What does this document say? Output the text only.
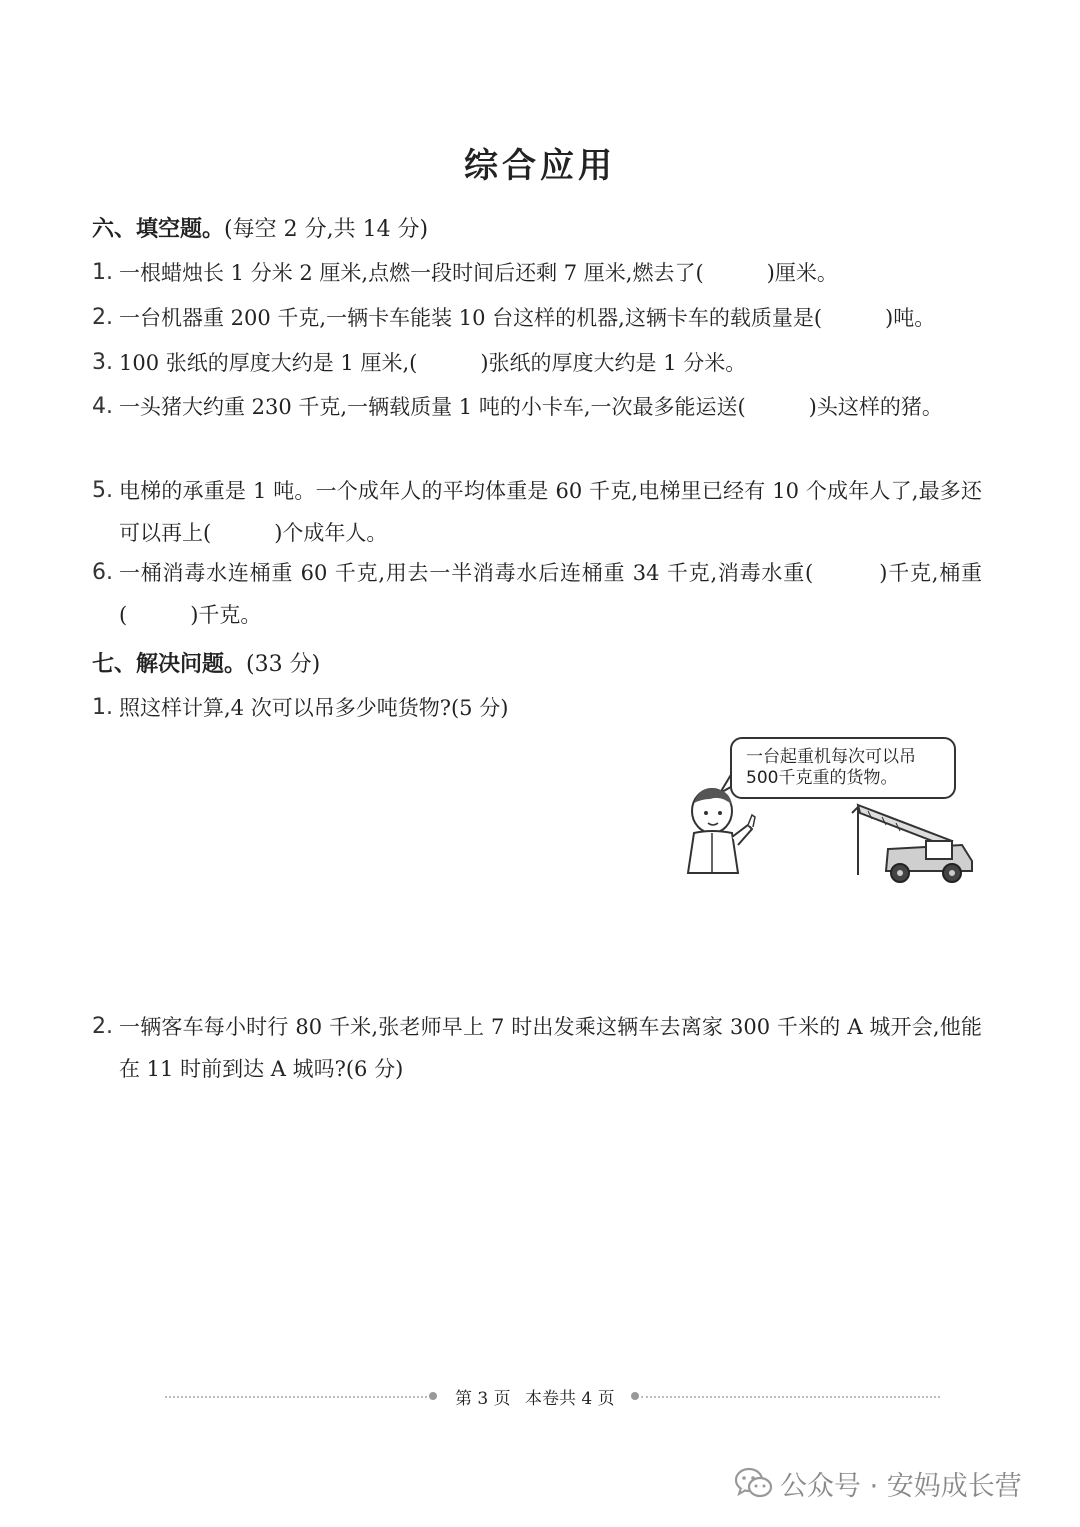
综合应用
六、填空题。(每空 2 分,共 14 分)
1. 一根蜡烛长 1 分米 2 厘米,点燃一段时间后还剩 7 厘米,燃去了(　　　)厘米。
2. 一台机器重 200 千克,一辆卡车能装 10 台这样的机器,这辆卡车的载质量是(　　　)吨。
3. 100 张纸的厚度大约是 1 厘米,(　　　)张纸的厚度大约是 1 分米。
4. 一头猪大约重 230 千克,一辆载质量 1 吨的小卡车,一次最多能运送(　　　)头这样的猪。
5. 电梯的承重是 1 吨。一个成年人的平均体重是 60 千克,电梯里已经有 10 个成年人了,最多还可以再上(　　　)个成年人。
6. 一桶消毒水连桶重 60 千克,用去一半消毒水后连桶重 34 千克,消毒水重(　　　)千克,桶重(　　　)千克。
七、解决问题。(33 分)
1. 照这样计算,4 次可以吊多少吨货物?(5 分)
一台起重机每次可以吊
500千克重的货物。
2. 一辆客车每小时行 80 千米,张老师早上 7 时出发乘这辆车去离家 300 千米的 A 城开会,他能在 11 时前到达 A 城吗?(6 分)
第 3 页 本卷共 4 页
公众号 · 安妈成长营
